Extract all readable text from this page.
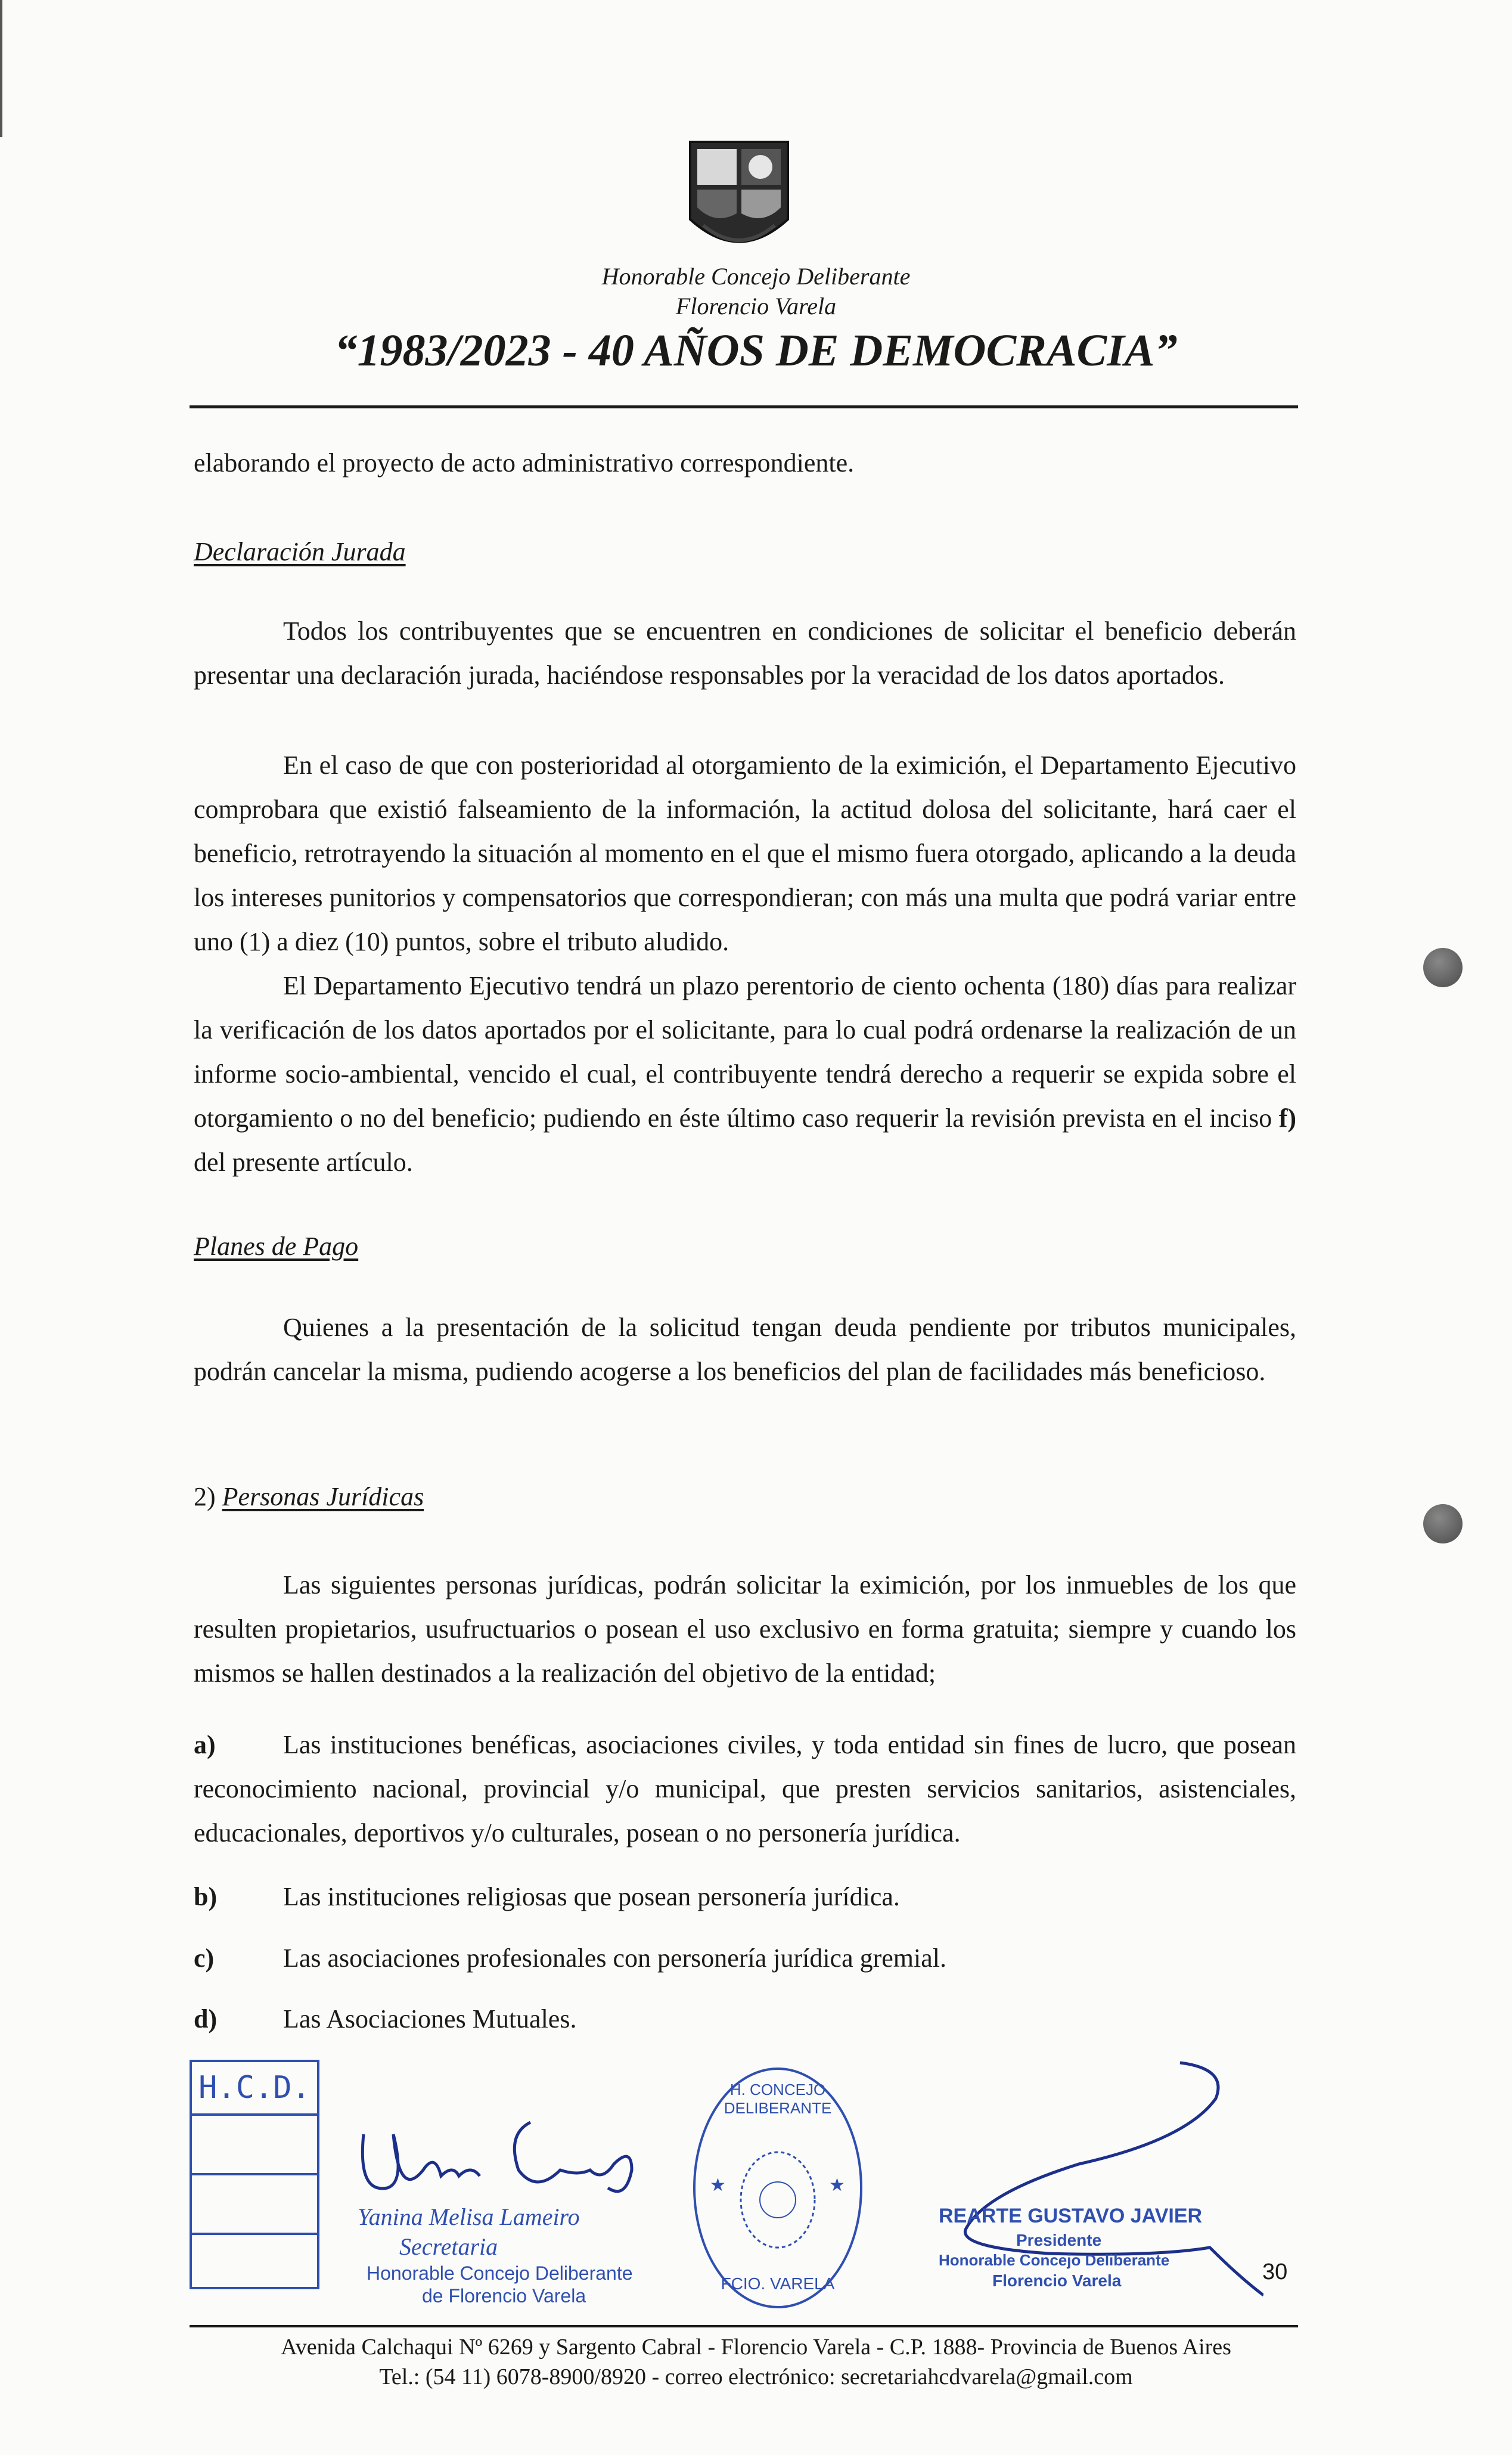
Honorable Concejo Deliberante
Florencio Varela
“1983/2023 - 40 AÑOS DE DEMOCRACIA”

elaborando el proyecto de acto administrativo correspondiente.

Declaración Jurada

Todos los contribuyentes que se encuentren en condiciones de solicitar el beneficio deberán presentar una declaración jurada, haciéndose responsables por la veracidad de los datos aportados.

En el caso de que con posterioridad al otorgamiento de la eximición, el Departamento Ejecutivo comprobara que existió falseamiento de la información, la actitud dolosa del solicitante, hará caer el beneficio, retrotrayendo la situación al momento en el que el mismo fuera otorgado, aplicando a la deuda los intereses punitorios y compensatorios que correspondieran; con más una multa que podrá variar entre uno (1) a diez (10) puntos, sobre el tributo aludido.

El Departamento Ejecutivo tendrá un plazo perentorio de ciento ochenta (180) días para realizar la verificación de los datos aportados por el solicitante, para lo cual podrá ordenarse la realización de un informe socio-ambiental, vencido el cual, el contribuyente tendrá derecho a requerir se expida sobre el otorgamiento o no del beneficio; pudiendo en éste último caso requerir la revisión prevista en el inciso f) del presente artículo.

Planes de Pago

Quienes a la presentación de la solicitud tengan deuda pendiente por tributos municipales, podrán cancelar la misma, pudiendo acogerse a los beneficios del plan de facilidades más beneficioso.

2) Personas Jurídicas

Las siguientes personas jurídicas, podrán solicitar la eximición, por los inmuebles de los que resulten propietarios, usufructuarios o posean el uso exclusivo en forma gratuita; siempre y cuando los mismos se hallen destinados a la realización del objetivo de la entidad;

a)	Las instituciones benéficas, asociaciones civiles, y toda entidad sin fines de lucro, que posean reconocimiento nacional, provincial y/o municipal, que presten servicios sanitarios, asistenciales, educacionales, deportivos y/o culturales, posean o no personería jurídica.

b)	Las instituciones religiosas que posean personería jurídica.

c)	Las asociaciones profesionales con personería jurídica gremial.

d)	Las Asociaciones Mutuales.

H.C.D.
Yanina Melisa Lameiro
Secretaria
Honorable Concejo Deliberante
de Florencio Varela
★	★
H. CONCEJO DELIBERANTE
FCIO. VARELA
REARTE GUSTAVO JAVIER
Presidente
Honorable Concejo Deliberante
Florencio Varela	30
Avenida Calchaqui Nº 6269 y Sargento Cabral - Florencio Varela - C.P. 1888- Provincia de Buenos Aires
Tel.: (54 11) 6078-8900/8920 - correo electrónico: secretariahcdvarela@gmail.com
